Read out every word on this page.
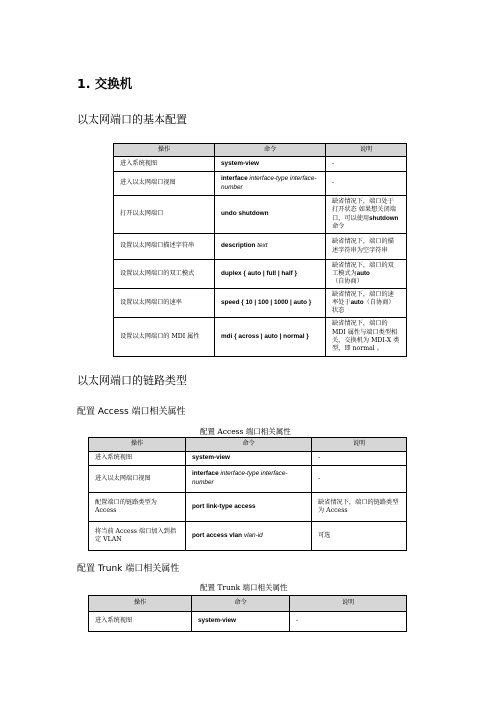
1. 交换机
以太网端口的基本配置
操作	命令	说明
进入系统视图	system-view	-
进入以太网端口视图	interface interface-type interface-number	-
打开以太网端口	undo shutdown	缺省情况下，端口处于打开状态 如果想关闭端口，可以使用shutdown 命令
设置以太网端口描述字符串	description text	缺省情况下，端口的描述字符串为空字符串
设置以太网端口的双工模式	duplex { auto | full | half }	缺省情况下，端口的双工模式为auto（自协商）
设置以太网端口的速率	speed { 10 | 100 | 1000 | auto }	缺省情况下，端口的速率处于auto（自协商）状态
设置以太网端口的 MDI 属性	mdi { across | auto | normal }	缺省情况下，端口的 MDI 属性与端口类型相关，交换机为 MDI-X 类型，即 normal 。
以太网端口的链路类型
配置 Access 端口相关属性
配置 Access 端口相关属性
操作	命令	说明
进入系统视图	system-view	-
进入以太网端口视图	interface interface-type interface-number	-
配置端口的链路类型为 Access	port link-type access	缺省情况下，端口的链路类型为 Access
将当前 Access 端口加入到指定 VLAN	port access vlan vlan-id	可选
配置 Trunk 端口相关属性
配置 Trunk 端口相关属性
操作	命令	说明
进入系统视图	system-view	-
